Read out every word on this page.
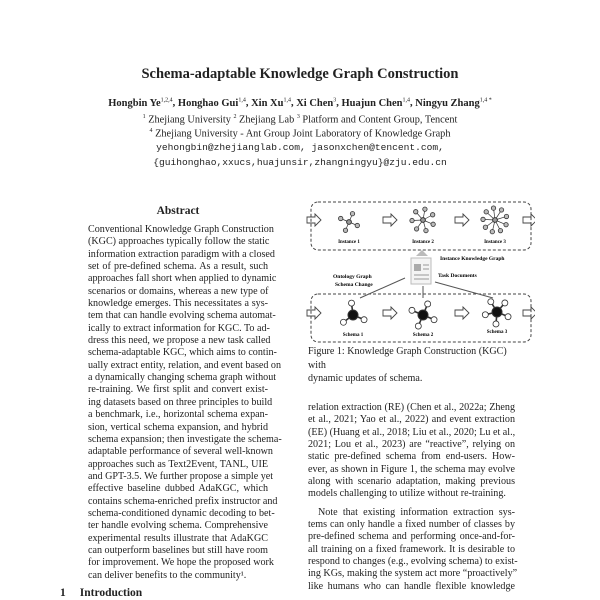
Schema-adaptable Knowledge Graph Construction
Hongbin Ye$^{1,2,4}$, Honghao Gui$^{1,4}$, Xin Xu$^{1,4}$, Xi Chen$^3$, Huajun Chen$^{1,4}$, Ningyu Zhang$^{1,4 *}$
$^1$ Zhejiang University $^2$ Zhejiang Lab $^3$ Platform and Content Group, Tencent
$^4$ Zhejiang University - Ant Group Joint Laboratory of Knowledge Graph
yehongbin@zhejianglab.com, jasonxchen@tencent.com,
{guihonghao,xxucs,huajunsir,zhangningyu}@zju.edu.cn
Abstract
Conventional Knowledge Graph Construction
(KGC) approaches typically follow the static
information extraction paradigm with a closed
set of pre-defined schema. As a result, such
approaches fall short when applied to dynamic
scenarios or domains, whereas a new type of
knowledge emerges. This necessitates a sys-
tem that can handle evolving schema automat-
ically to extract information for KGC. To ad-
dress this need, we propose a new task called
schema-adaptable KGC, which aims to contin-
ually extract entity, relation, and event based on
a dynamically changing schema graph without
re-training. We first split and convert exist-
ing datasets based on three principles to build
a benchmark, i.e., horizontal schema expan-
sion, vertical schema expansion, and hybrid
schema expansion; then investigate the schema-
adaptable performance of several well-known
approaches such as Text2Event, TANL, UIE
and GPT-3.5. We further propose a simple yet
effective baseline dubbed AdaKGC, which
contains schema-enriched prefix instructor and
schema-conditioned dynamic decoding to bet-
ter handle evolving schema. Comprehensive
experimental results illustrate that AdaKGC
can outperform baselines but still have room
for improvement. We hope the proposed work
can deliver benefits to the community¹.
1 Introduction
Instance Knowledge Graph
Task Documents
Ontology Graph
Schema Change
Instance 1	Instance 2	Instance 3
Schema 1	Schema 2
Schema 3
Figure 1: Knowledge Graph Construction (KGC) with
dynamic updates of schema.
relation extraction (RE) (Chen et al., 2022a; Zheng
et al., 2021; Yao et al., 2022) and event extraction
(EE) (Huang et al., 2018; Liu et al., 2020; Lu et al.,
2021; Lou et al., 2023) are “reactive”, relying on
static pre-defined schema from end-users. How-
ever, as shown in Figure 1, the schema may evolve
along with scenario adaptation, making previous
models challenging to utilize without re-training.
Note that existing information extraction sys-
tems can only handle a fixed number of classes by
pre-defined schema and performing once-and-for-
all training on a fixed framework. It is desirable to
respond to changes (e.g., evolving schema) to exist-
ing KGs, making the system act more “proactively”
like humans who can handle flexible knowledge
